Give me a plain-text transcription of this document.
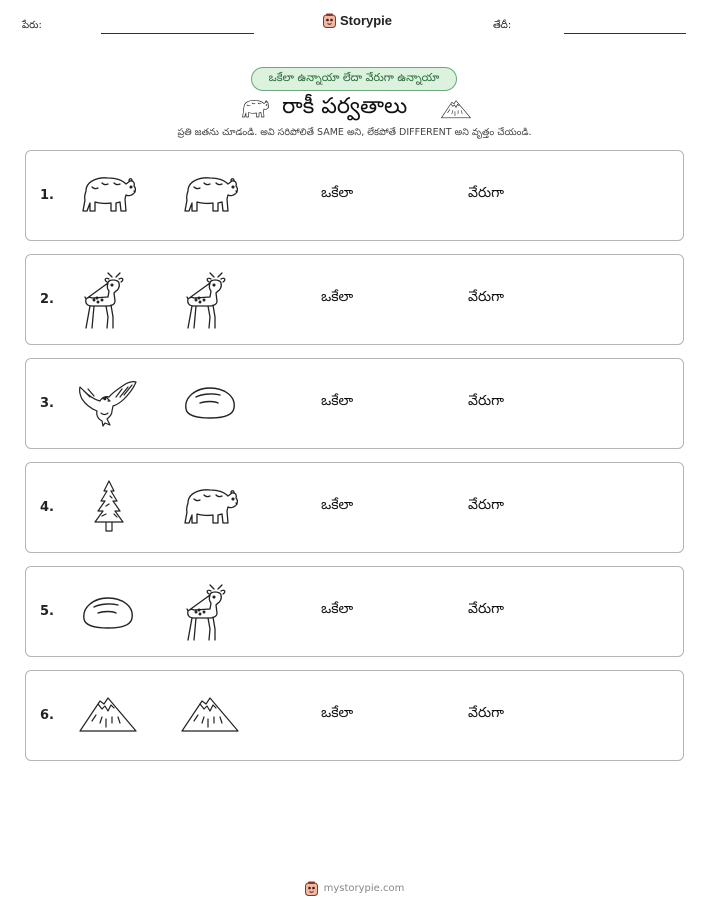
పేరు:	Storypie	తేదీ:
ఒకేలా ఉన్నాయా లేదా వేరుగా ఉన్నాయా
రాకీ పర్వతాలు
ప్రతి జతను చూడండి. అవి సరిపోలితే SAME అని, లేకపోతే DIFFERENT అని వృత్తం చేయండి.
1.	ఒకేలా	వేరుగా
2.	ఒకేలా	వేరుగా
3.	ఒకేలా	వేరుగా
4.	ఒకేలా	వేరుగా
5.	ఒకేలా	వేరుగా
6.	ఒకేలా	వేరుగా
mystorypie.com
